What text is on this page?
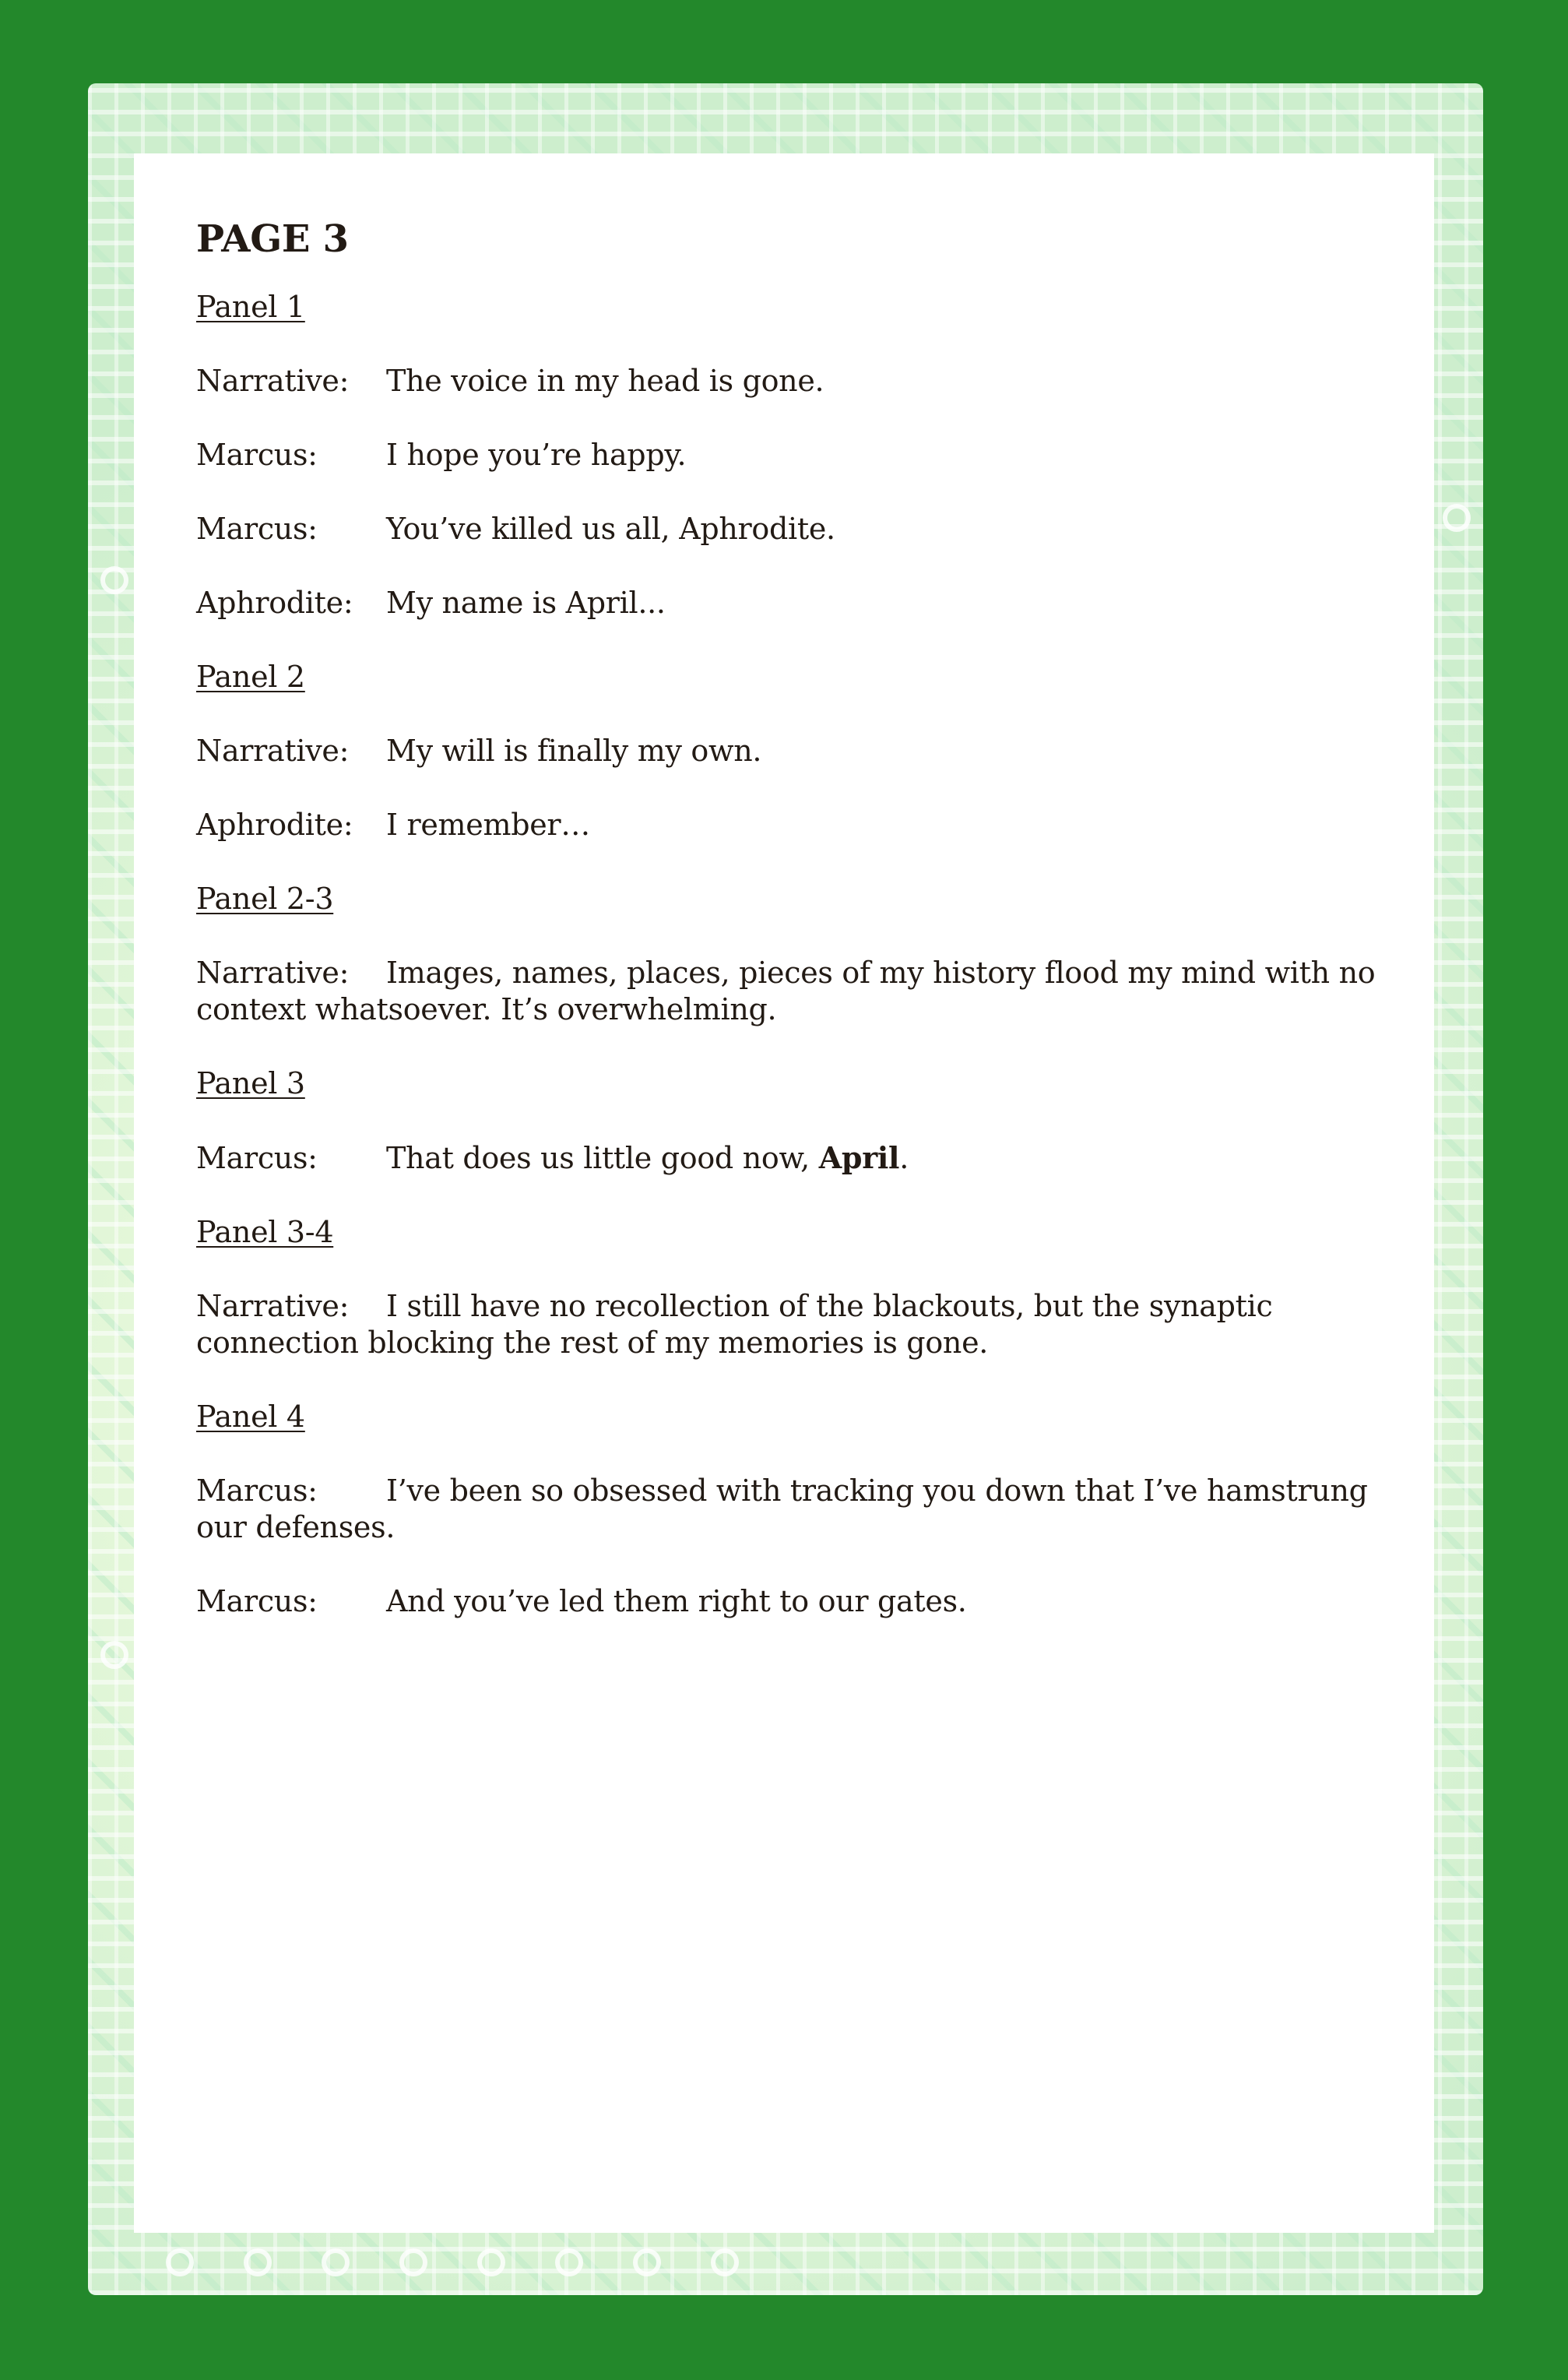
PAGE 3
Panel 1
Narrative: The voice in my head is gone.
Marcus: I hope you’re happy.
Marcus: You’ve killed us all, Aphrodite.
Aphrodite: My name is April...
Panel 2
Narrative: My will is finally my own.
Aphrodite: I remember…
Panel 2-3
Narrative: Images, names, places, pieces of my history flood my mind with no context whatsoever. It’s overwhelming.
Panel 3
Marcus: That does us little good now, April.
Panel 3-4
Narrative: I still have no recollection of the blackouts, but the synaptic connection blocking the rest of my memories is gone.
Panel 4
Marcus: I’ve been so obsessed with tracking you down that I’ve hamstrung our defenses.
Marcus: And you’ve led them right to our gates.
